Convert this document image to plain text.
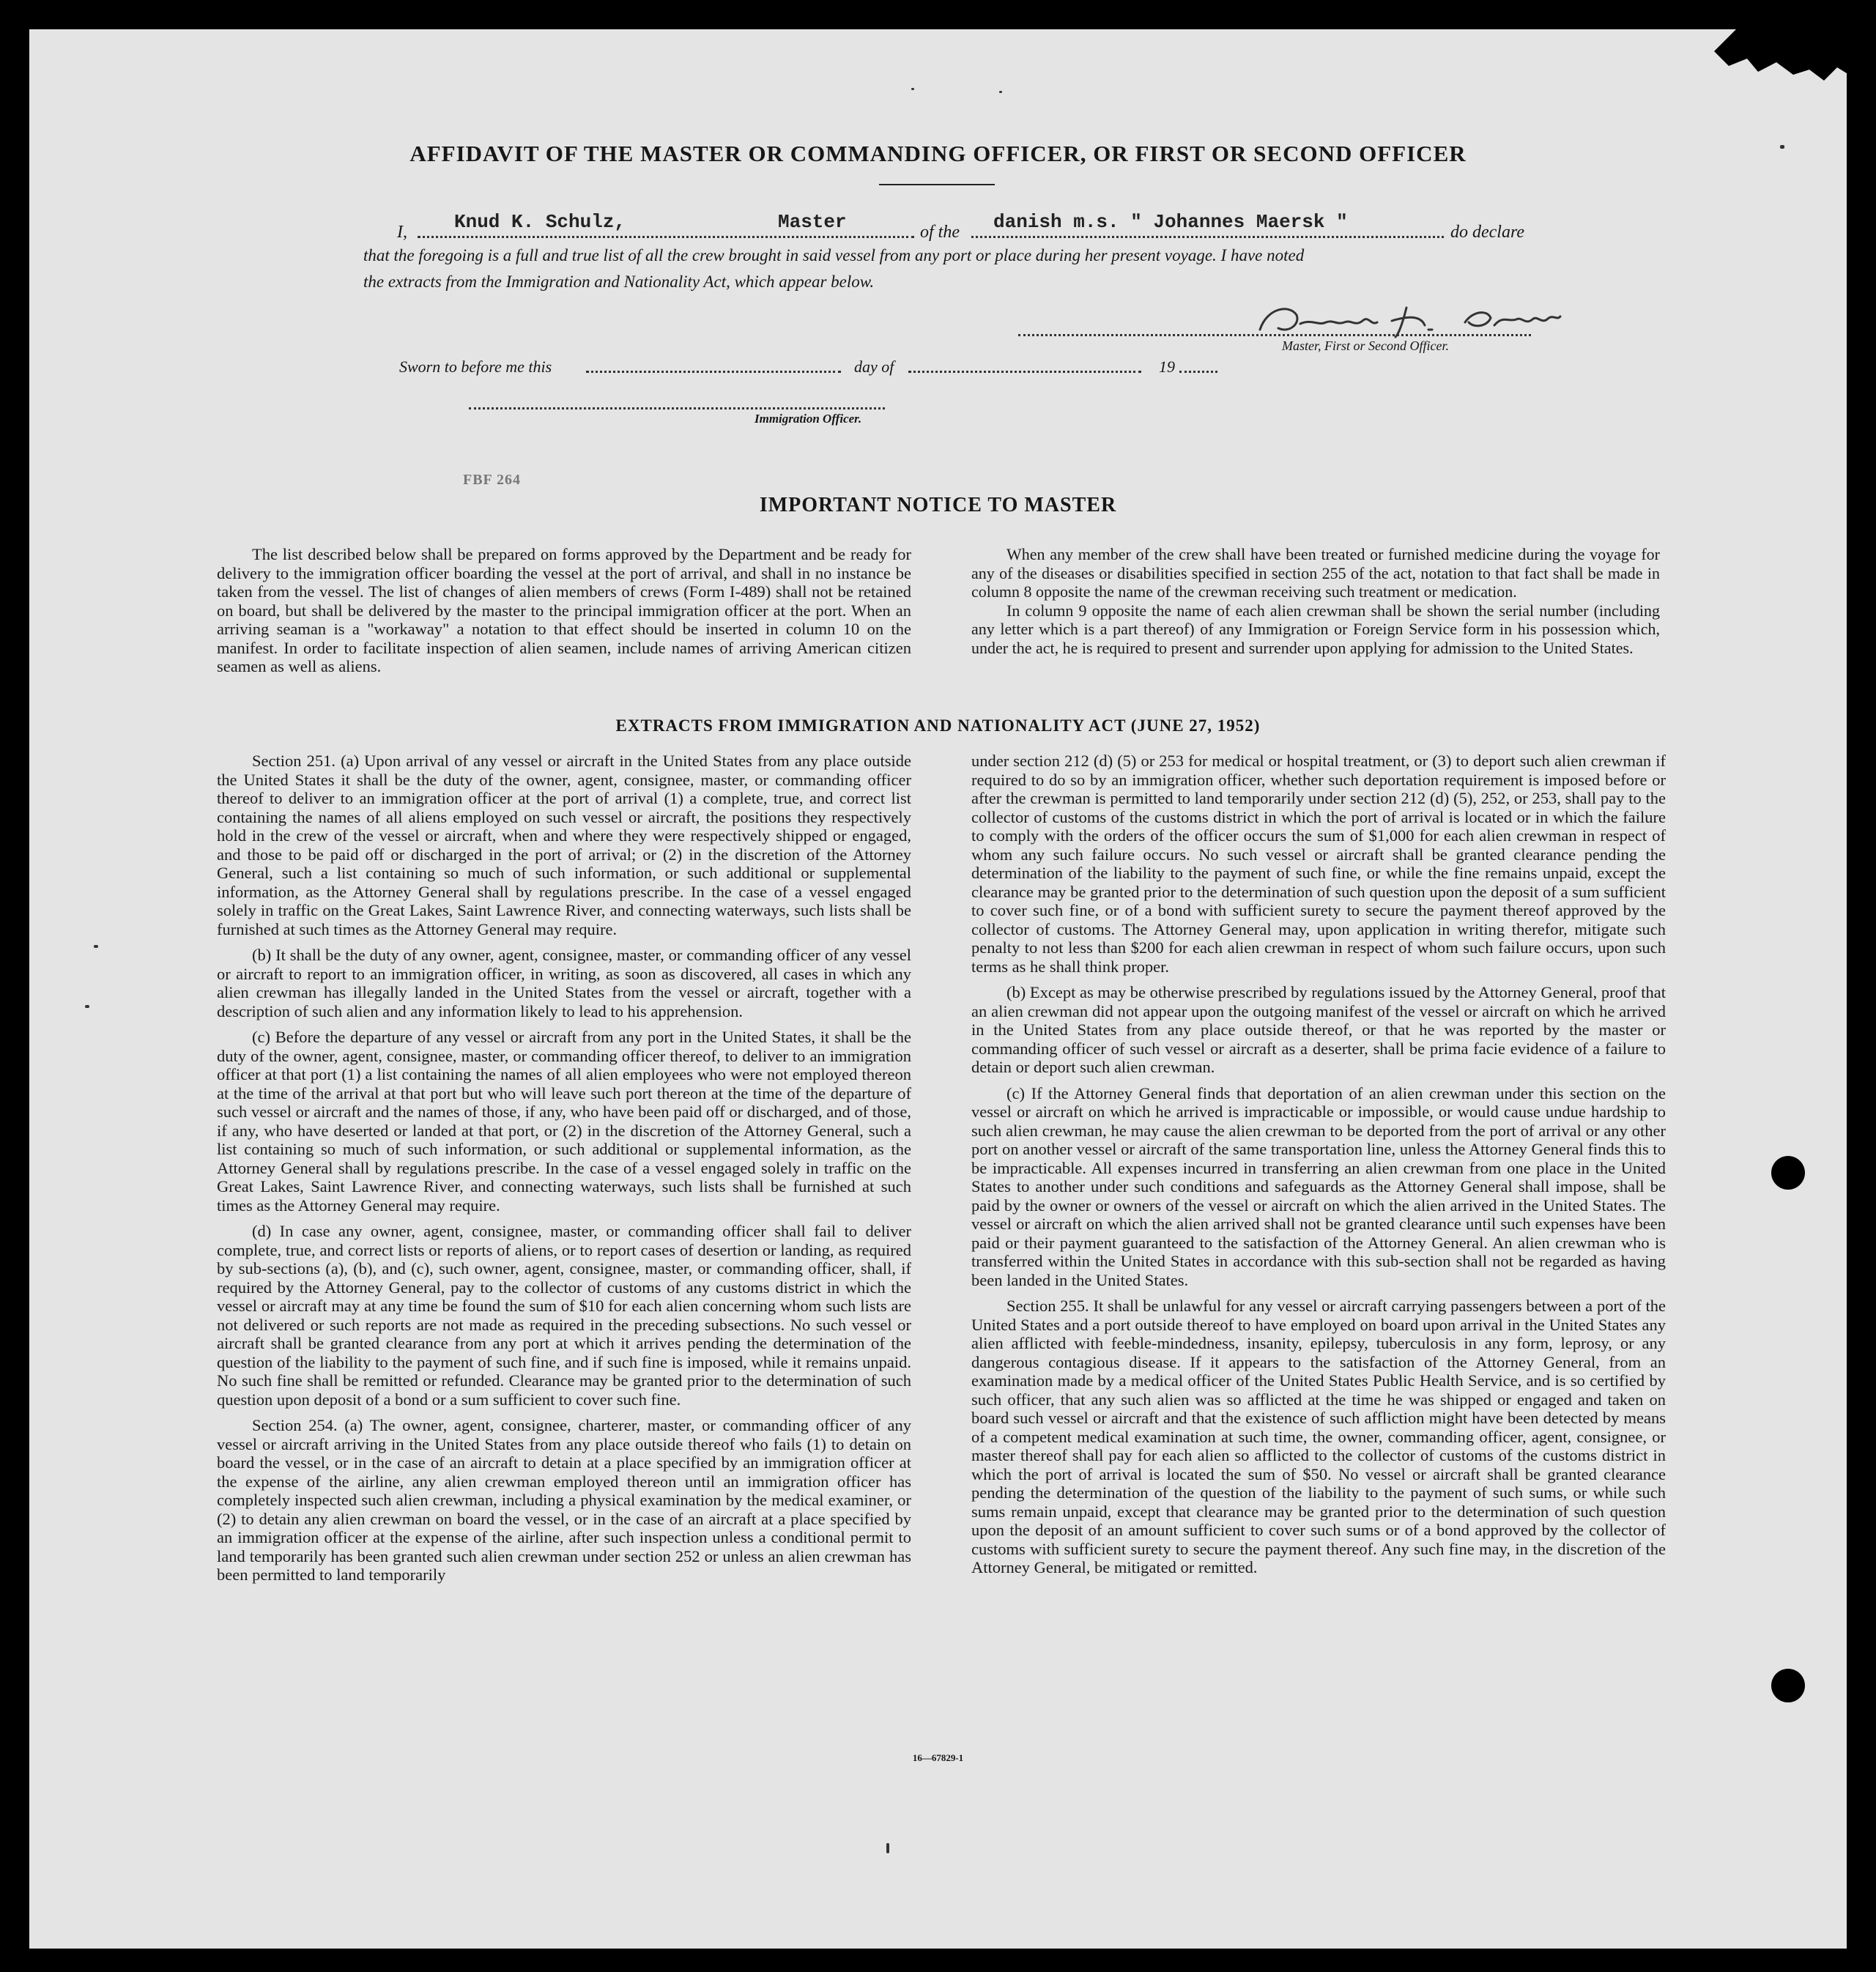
AFFIDAVIT OF THE MASTER OR COMMANDING OFFICER, OR FIRST OR SECOND OFFICER
I, Knud K. Schulz,	Master	of the danish m.s. " Johannes Maersk "	do declare
that the foregoing is a full and true list of all the crew brought in said vessel from any port or place during her present voyage. I have noted
the extracts from the Immigration and Nationality Act, which appear below.
Master, First or Second Officer.
Sworn to before me this	day of	19
Immigration Officer.
FBF 264
IMPORTANT NOTICE TO MASTER

The list described below shall be prepared on forms approved by the Department and be ready for delivery to the immigration officer boarding the vessel at the port of arrival, and shall in no instance be taken from the vessel. The list of changes of alien members of crews (Form I-489) shall not be retained on board, but shall be delivered by the master to the principal immigration officer at the port. When an arriving seaman is a "workaway" a notation to that effect should be inserted in column 10 on the manifest. In order to facilitate inspection of alien seamen, include names of arriving American citizen seamen as well as aliens.

When any member of the crew shall have been treated or furnished medicine during the voyage for any of the diseases or disabilities specified in section 255 of the act, notation to that fact shall be made in column 8 opposite the name of the crewman receiving such treatment or medication.

In column 9 opposite the name of each alien crewman shall be shown the serial number (including any letter which is a part thereof) of any Immigration or Foreign Service form in his possession which, under the act, he is required to present and surrender upon applying for admission to the United States.

EXTRACTS FROM IMMIGRATION AND NATIONALITY ACT (JUNE 27, 1952)

Section 251. (a) Upon arrival of any vessel or aircraft in the United States from any place outside the United States it shall be the duty of the owner, agent, consignee, master, or commanding officer thereof to deliver to an immigration officer at the port of arrival (1) a complete, true, and correct list containing the names of all aliens employed on such vessel or aircraft, the positions they respectively hold in the crew of the vessel or aircraft, when and where they were respectively shipped or engaged, and those to be paid off or discharged in the port of arrival; or (2) in the discretion of the Attorney General, such a list containing so much of such information, or such additional or supplemental information, as the Attorney General shall by regulations prescribe. In the case of a vessel engaged solely in traffic on the Great Lakes, Saint Lawrence River, and connecting waterways, such lists shall be furnished at such times as the Attorney General may require.

(b) It shall be the duty of any owner, agent, consignee, master, or commanding officer of any vessel or aircraft to report to an immigration officer, in writing, as soon as discovered, all cases in which any alien crewman has illegally landed in the United States from the vessel or aircraft, together with a description of such alien and any information likely to lead to his apprehension.

(c) Before the departure of any vessel or aircraft from any port in the United States, it shall be the duty of the owner, agent, consignee, master, or commanding officer thereof, to deliver to an immigration officer at that port (1) a list containing the names of all alien employees who were not employed thereon at the time of the arrival at that port but who will leave such port thereon at the time of the departure of such vessel or aircraft and the names of those, if any, who have been paid off or discharged, and of those, if any, who have deserted or landed at that port, or (2) in the discretion of the Attorney General, such a list containing so much of such information, or such additional or supplemental information, as the Attorney General shall by regulations prescribe. In the case of a vessel engaged solely in traffic on the Great Lakes, Saint Lawrence River, and connecting waterways, such lists shall be furnished at such times as the Attorney General may require.

(d) In case any owner, agent, consignee, master, or commanding officer shall fail to deliver complete, true, and correct lists or reports of aliens, or to report cases of desertion or landing, as required by sub-sections (a), (b), and (c), such owner, agent, consignee, master, or commanding officer, shall, if required by the Attorney General, pay to the collector of customs of any customs district in which the vessel or aircraft may at any time be found the sum of $10 for each alien concerning whom such lists are not delivered or such reports are not made as required in the preceding subsections. No such vessel or aircraft shall be granted clearance from any port at which it arrives pending the determination of the question of the liability to the payment of such fine, and if such fine is imposed, while it remains unpaid. No such fine shall be remitted or refunded. Clearance may be granted prior to the determination of such question upon deposit of a bond or a sum sufficient to cover such fine.

Section 254. (a) The owner, agent, consignee, charterer, master, or commanding officer of any vessel or aircraft arriving in the United States from any place outside thereof who fails (1) to detain on board the vessel, or in the case of an aircraft to detain at a place specified by an immigration officer at the expense of the airline, any alien crewman employed thereon until an immigration officer has completely inspected such alien crewman, including a physical examination by the medical examiner, or (2) to detain any alien crewman on board the vessel, or in the case of an aircraft at a place specified by an immigration officer at the expense of the airline, after such inspection unless a conditional permit to land temporarily has been granted such alien crewman under section 252 or unless an alien crewman has been permitted to land temporarily

under section 212 (d) (5) or 253 for medical or hospital treatment, or (3) to deport such alien crewman if required to do so by an immigration officer, whether such deportation requirement is imposed before or after the crewman is permitted to land temporarily under section 212 (d) (5), 252, or 253, shall pay to the collector of customs of the customs district in which the port of arrival is located or in which the failure to comply with the orders of the officer occurs the sum of $1,000 for each alien crewman in respect of whom any such failure occurs. No such vessel or aircraft shall be granted clearance pending the determination of the liability to the payment of such fine, or while the fine remains unpaid, except the clearance may be granted prior to the determination of such question upon the deposit of a sum sufficient to cover such fine, or of a bond with sufficient surety to secure the payment thereof approved by the collector of customs. The Attorney General may, upon application in writing therefor, mitigate such penalty to not less than $200 for each alien crewman in respect of whom such failure occurs, upon such terms as he shall think proper.

(b) Except as may be otherwise prescribed by regulations issued by the Attorney General, proof that an alien crewman did not appear upon the outgoing manifest of the vessel or aircraft on which he arrived in the United States from any place outside thereof, or that he was reported by the master or commanding officer of such vessel or aircraft as a deserter, shall be prima facie evidence of a failure to detain or deport such alien crewman.

(c) If the Attorney General finds that deportation of an alien crewman under this section on the vessel or aircraft on which he arrived is impracticable or impossible, or would cause undue hardship to such alien crewman, he may cause the alien crewman to be deported from the port of arrival or any other port on another vessel or aircraft of the same transportation line, unless the Attorney General finds this to be impracticable. All expenses incurred in transferring an alien crewman from one place in the United States to another under such conditions and safeguards as the Attorney General shall impose, shall be paid by the owner or owners of the vessel or aircraft on which the alien arrived in the United States. The vessel or aircraft on which the alien arrived shall not be granted clearance until such expenses have been paid or their payment guaranteed to the satisfaction of the Attorney General. An alien crewman who is transferred within the United States in accordance with this sub-section shall not be regarded as having been landed in the United States.

Section 255. It shall be unlawful for any vessel or aircraft carrying passengers between a port of the United States and a port outside thereof to have employed on board upon arrival in the United States any alien afflicted with feeble-mindedness, insanity, epilepsy, tuberculosis in any form, leprosy, or any dangerous contagious disease. If it appears to the satisfaction of the Attorney General, from an examination made by a medical officer of the United States Public Health Service, and is so certified by such officer, that any such alien was so afflicted at the time he was shipped or engaged and taken on board such vessel or aircraft and that the existence of such affliction might have been detected by means of a competent medical examination at such time, the owner, commanding officer, agent, consignee, or master thereof shall pay for each alien so afflicted to the collector of customs of the customs district in which the port of arrival is located the sum of $50. No vessel or aircraft shall be granted clearance pending the determination of the question of the liability to the payment of such sums, or while such sums remain unpaid, except that clearance may be granted prior to the determination of such question upon the deposit of an amount sufficient to cover such sums or of a bond approved by the collector of customs with sufficient surety to secure the payment thereof. Any such fine may, in the discretion of the Attorney General, be mitigated or remitted.

16—67829-1
